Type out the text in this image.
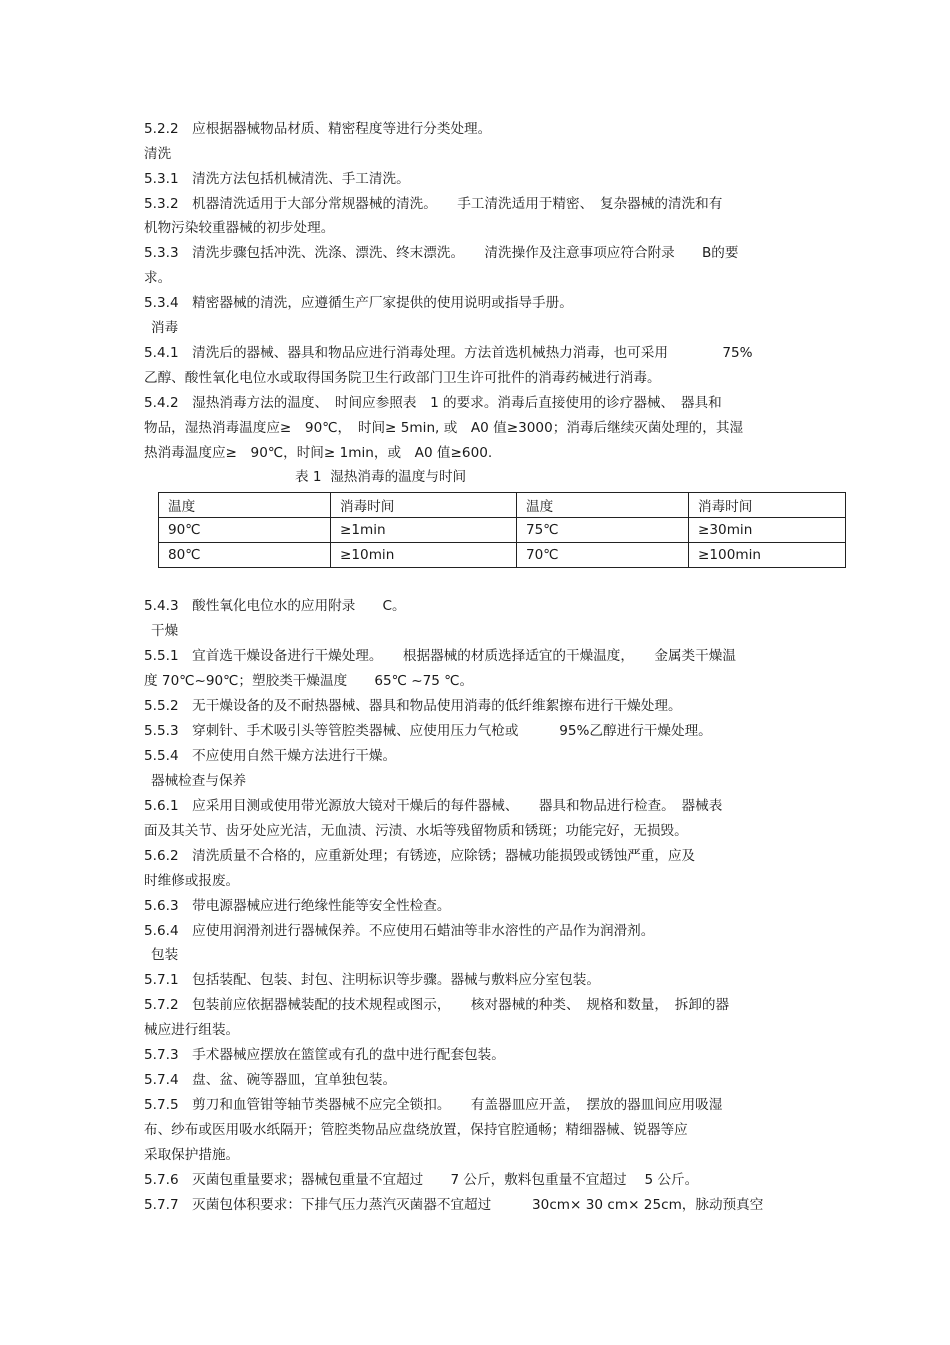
5.2.2　应根据器械物品材质、精密程度等进行分类处理。
清洗
5.3.1　清洗方法包括机械清洗、手工清洗。
5.3.2　机器清洗适用于大部分常规器械的清洗。　　手工清洗适用于精密、　复杂器械的清洗和有
机物污染较重器械的初步处理。
5.3.3　清洗步骤包括冲洗、洗涤、漂洗、终末漂洗。　　清洗操作及注意事项应符合附录　　B的要
求。
5.3.4　精密器械的清洗，应遵循生产厂家提供的使用说明或指导手册。
消毒
5.4.1　清洗后的器械、器具和物品应进行消毒处理。方法首选机械热力消毒，也可采用　　　　75%
乙醇、酸性氧化电位水或取得国务院卫生行政部门卫生许可批件的消毒药械进行消毒。
5.4.2　湿热消毒方法的温度、　时间应参照表　1 的要求。消毒后直接使用的诊疗器械、　器具和
物品，湿热消毒温度应≥　90℃，　时间≥ 5min, 或　A0 值≥3000；消毒后继续灭菌处理的，其湿
热消毒温度应≥　90℃，时间≥ 1min，或　A0 值≥600.
表 1  湿热消毒的温度与时间
温度	消毒时间	温度	消毒时间
90℃	≥1min	75℃	≥30min
80℃	≥10min	70℃	≥100min
5.4.3　酸性氧化电位水的应用附录　　C。
干燥
5.5.1　宜首选干燥设备进行干燥处理。　　根据器械的材质选择适宜的干燥温度，　　金属类干燥温
度 70℃~90℃；塑胶类干燥温度　　65℃ ~75 ℃。
5.5.2　无干燥设备的及不耐热器械、器具和物品使用消毒的低纤维絮擦布进行干燥处理。
5.5.3　穿刺针、手术吸引头等管腔类器械、应使用压力气枪或　　　95%乙醇进行干燥处理。
5.5.4　不应使用自然干燥方法进行干燥。
器械检查与保养
5.6.1　应采用目测或使用带光源放大镜对干燥后的每件器械、　　器具和物品进行检查。　器械表
面及其关节、齿牙处应光洁，无血渍、污渍、水垢等残留物质和锈斑；功能完好，无损毁。
5.6.2　清洗质量不合格的，应重新处理；有锈迹，应除锈；器械功能损毁或锈蚀严重，应及
时维修或报废。
5.6.3　带电源器械应进行绝缘性能等安全性检查。
5.6.4　应使用润滑剂进行器械保养。不应使用石蜡油等非水溶性的产品作为润滑剂。
包装
5.7.1　包括装配、包装、封包、注明标识等步骤。器械与敷料应分室包装。
5.7.2　包装前应依据器械装配的技术规程或图示，　　核对器械的种类、　规格和数量，　拆卸的器
械应进行组装。
5.7.3　手术器械应摆放在篮筐或有孔的盘中进行配套包装。
5.7.4　盘、盆、碗等器皿，宜单独包装。
5.7.5　剪刀和血管钳等轴节类器械不应完全锁扣。　　有盖器皿应开盖，　摆放的器皿间应用吸湿
布、纱布或医用吸水纸隔开；管腔类物品应盘绕放置，保持官腔通畅；精细器械、锐器等应
采取保护措施。
5.7.6　灭菌包重量要求；器械包重量不宜超过　　7 公斤，敷料包重量不宜超过　 5 公斤。
5.7.7　灭菌包体积要求：下排气压力蒸汽灭菌器不宜超过　　　30cm× 30 cm× 25cm，脉动预真空
